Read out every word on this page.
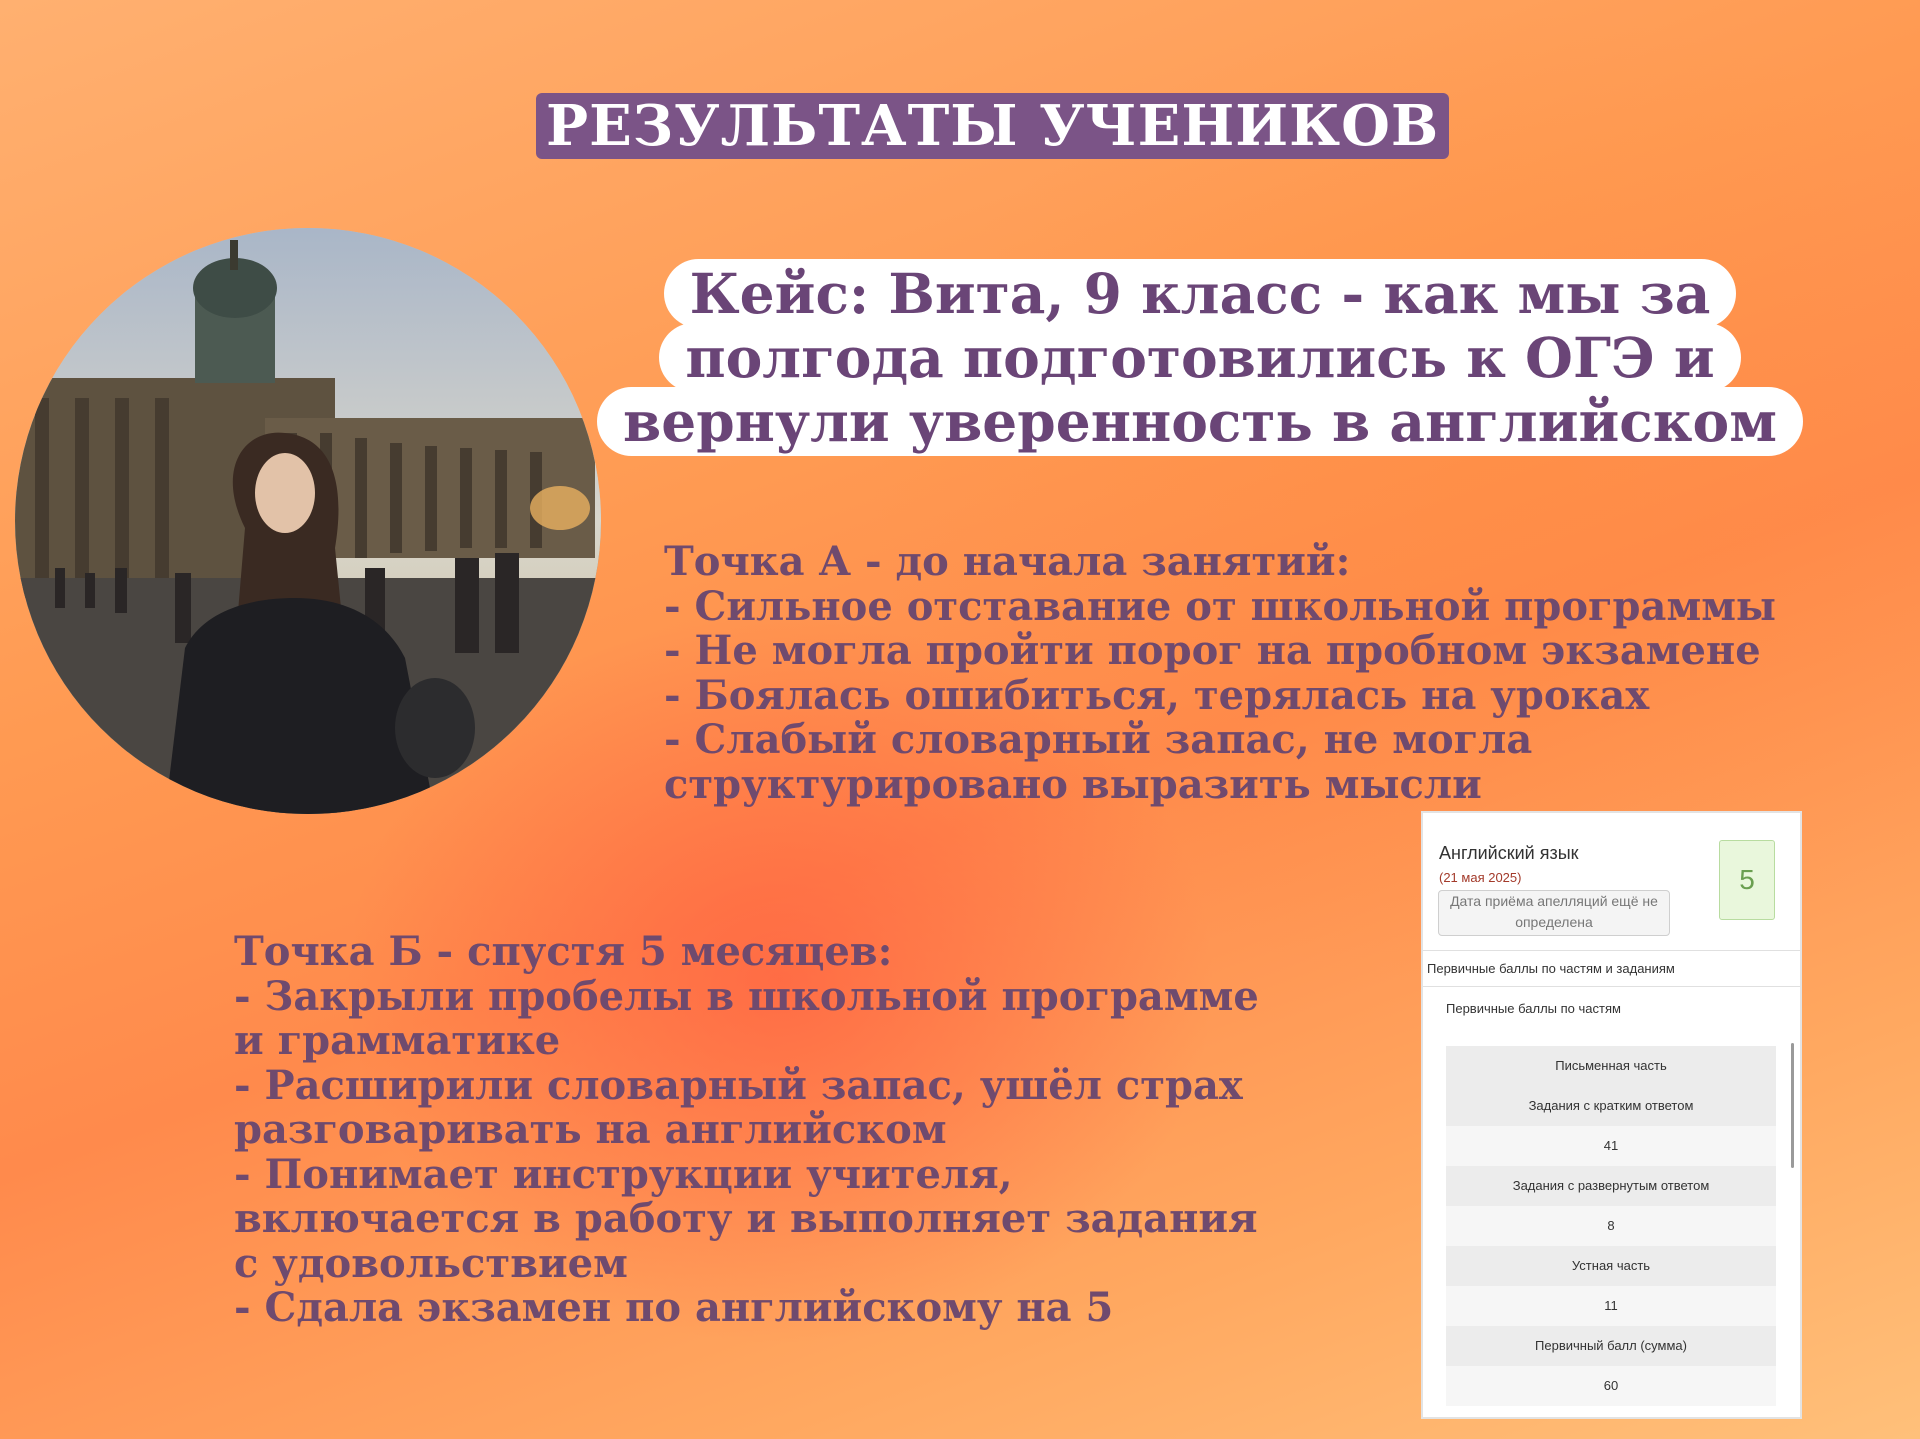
РЕЗУЛЬТАТЫ УЧЕНИКОВ
Кейс: Вита, 9 класс - как мы за полгода подготовились к ОГЭ и вернули уверенность в английском
Точка А - до начала занятий:
- Сильное отставание от школьной программы
- Не могла пройти порог на пробном экзамене
- Боялась ошибиться, терялась на уроках
- Слабый словарный запас, не могла структурировано выразить мысли
Точка Б - спустя 5 месяцев:
- Закрыли пробелы в школьной программе и грамматике
- Расширили словарный запас, ушёл страх разговаривать на английском
- Понимает инструкции учителя, включается в работу и выполняет задания с удовольствием
- Сдала экзамен по английскому на 5
Английский язык
(21 мая 2025)
Дата приёма апелляций ещё не определена
5
Первичные баллы по частям и заданиям
Первичные баллы по частям
Письменная часть
Задания с кратким ответом
41
Задания с развернутым ответом
8
Устная часть
11
Первичный балл (сумма)
60
